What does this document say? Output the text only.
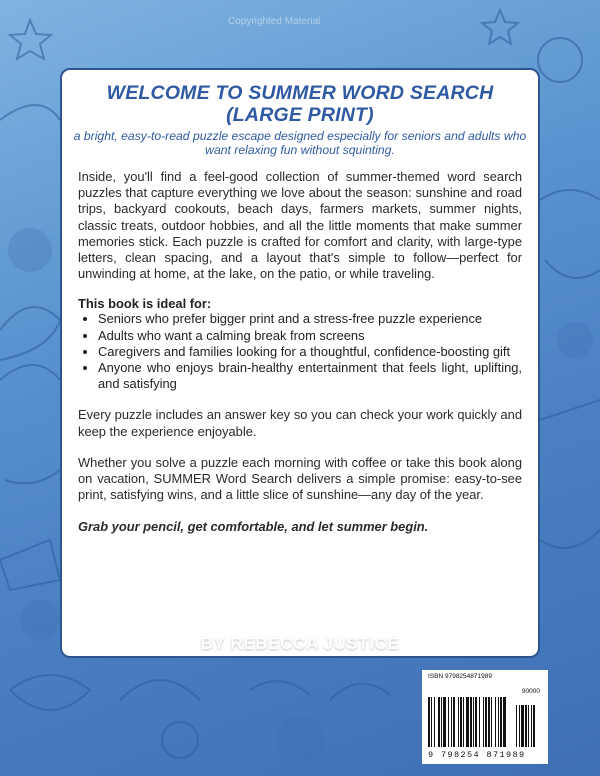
Copyrighted Material
WELCOME TO SUMMER WORD SEARCH (LARGE PRINT)

a bright, easy-to-read puzzle escape designed especially for seniors and adults who want relaxing fun without squinting.

Inside, you'll find a feel-good collection of summer-themed word search puzzles that capture everything we love about the season: sunshine and road trips, backyard cookouts, beach days, farmers markets, summer nights, classic treats, outdoor hobbies, and all the little moments that make summer memories stick. Each puzzle is crafted for comfort and clarity, with large-type letters, clean spacing, and a layout that's simple to follow—perfect for unwinding at home, at the lake, on the patio, or while traveling.

This book is ideal for:

• Seniors who prefer bigger print and a stress-free puzzle experience
• Adults who want a calming break from screens
• Caregivers and families looking for a thoughtful, confidence-boosting gift
• Anyone who enjoys brain-healthy entertainment that feels light, uplifting, and satisfying

Every puzzle includes an answer key so you can check your work quickly and keep the experience enjoyable.

Whether you solve a puzzle each morning with coffee or take this book along on vacation, SUMMER Word Search delivers a simple promise: easy-to-see print, satisfying wins, and a little slice of sunshine—any day of the year.

Grab your pencil, get comfortable, and let summer begin.

BY REBECCA JUSTICE
ISBN 9798254871989
90000
9 798254 871989
